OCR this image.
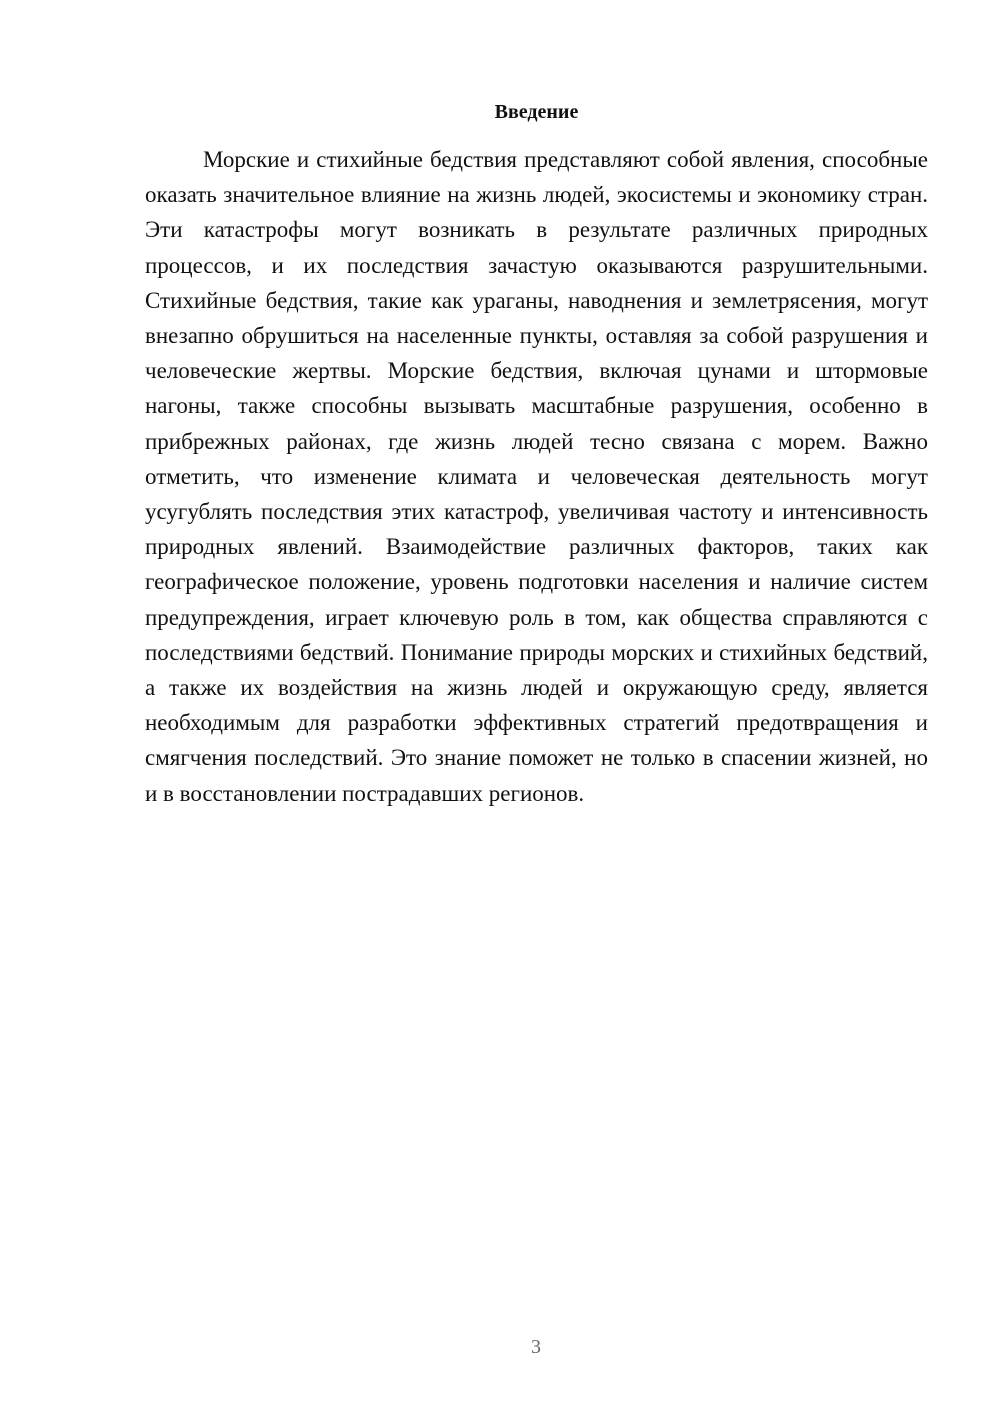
Введение

Морские и стихийные бедствия представляют собой явления, способные оказать значительное влияние на жизнь людей, экосистемы и экономику стран. Эти катастрофы могут возникать в результате различных природных процессов, и их последствия зачастую оказываются разрушительными. Стихийные бедствия, такие как ураганы, наводнения и землетрясения, могут внезапно обрушиться на населенные пункты, оставляя за собой разрушения и человеческие жертвы. Морские бедствия, включая цунами и штормовые нагоны, также способны вызывать масштабные разрушения, особенно в прибрежных районах, где жизнь людей тесно связана с морем. Важно отметить, что изменение климата и человеческая деятельность могут усугублять последствия этих катастроф, увеличивая частоту и интенсивность природных явлений. Взаимодействие различных факторов, таких как географическое положение, уровень подготовки населения и наличие систем предупреждения, играет ключевую роль в том, как общества справляются с последствиями бедствий. Понимание природы морских и стихийных бедствий, а также их воздействия на жизнь людей и окружающую среду, является необходимым для разработки эффективных стратегий предотвращения и смягчения последствий. Это знание поможет не только в спасении жизней, но и в восстановлении пострадавших регионов.

3
